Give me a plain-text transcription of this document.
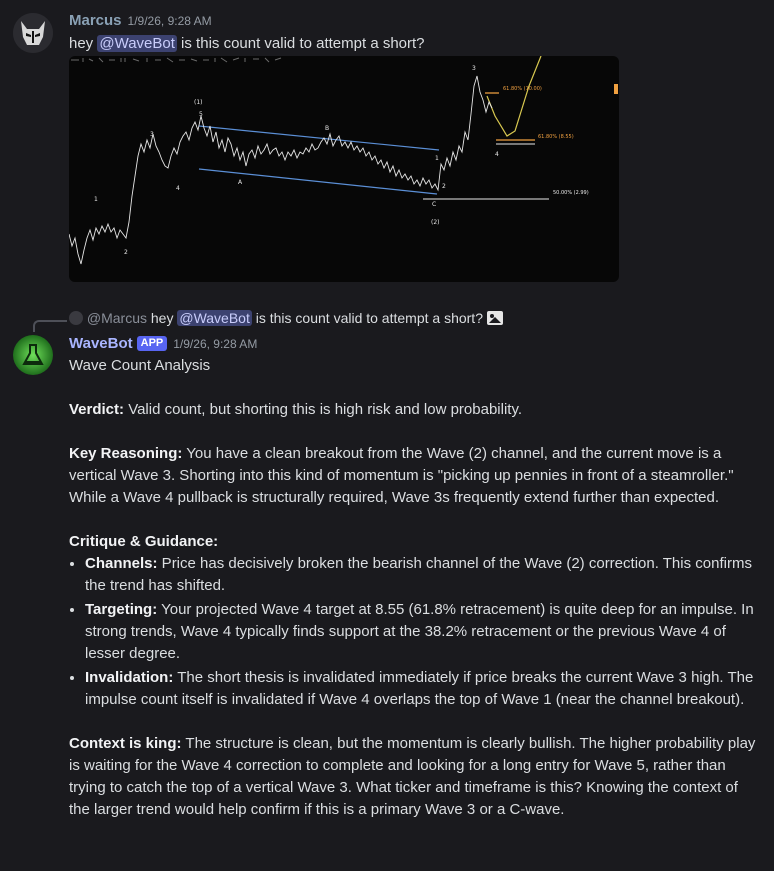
Marcus 1/9/26, 9:28 AM
hey @WaveBot is this count valid to attempt a short?
(1)
5
3
4
1
2
A
B
C
(2)
1
2
3
4
61.80% (10.00)
61.80% (8.55)
50.00% (2.99)
@Marcus hey @WaveBot is this count valid to attempt a short?
WaveBot APP 1/9/26, 9:28 AM

Wave Count Analysis

Verdict: Valid count, but shorting this is high risk and low probability.

Key Reasoning: You have a clean breakout from the Wave (2) channel, and the current move is a vertical Wave 3. Shorting into this kind of momentum is "picking up pennies in front of a steamroller." While a Wave 4 pullback is structurally required, Wave 3s frequently extend further than expected.

Critique & Guidance:

• Channels: Price has decisively broken the bearish channel of the Wave (2) correction. This confirms the trend has shifted.
• Targeting: Your projected Wave 4 target at 8.55 (61.8% retracement) is quite deep for an impulse. In strong trends, Wave 4 typically finds support at the 38.2% retracement or the previous Wave 4 of lesser degree.
• Invalidation: The short thesis is invalidated immediately if price breaks the current Wave 3 high. The impulse count itself is invalidated if Wave 4 overlaps the top of Wave 1 (near the channel breakout).

Context is king: The structure is clean, but the momentum is clearly bullish. The higher probability play is waiting for the Wave 4 correction to complete and looking for a long entry for Wave 5, rather than trying to catch the top of a vertical Wave 3. What ticker and timeframe is this? Knowing the context of the larger trend would help confirm if this is a primary Wave 3 or a C-wave.
